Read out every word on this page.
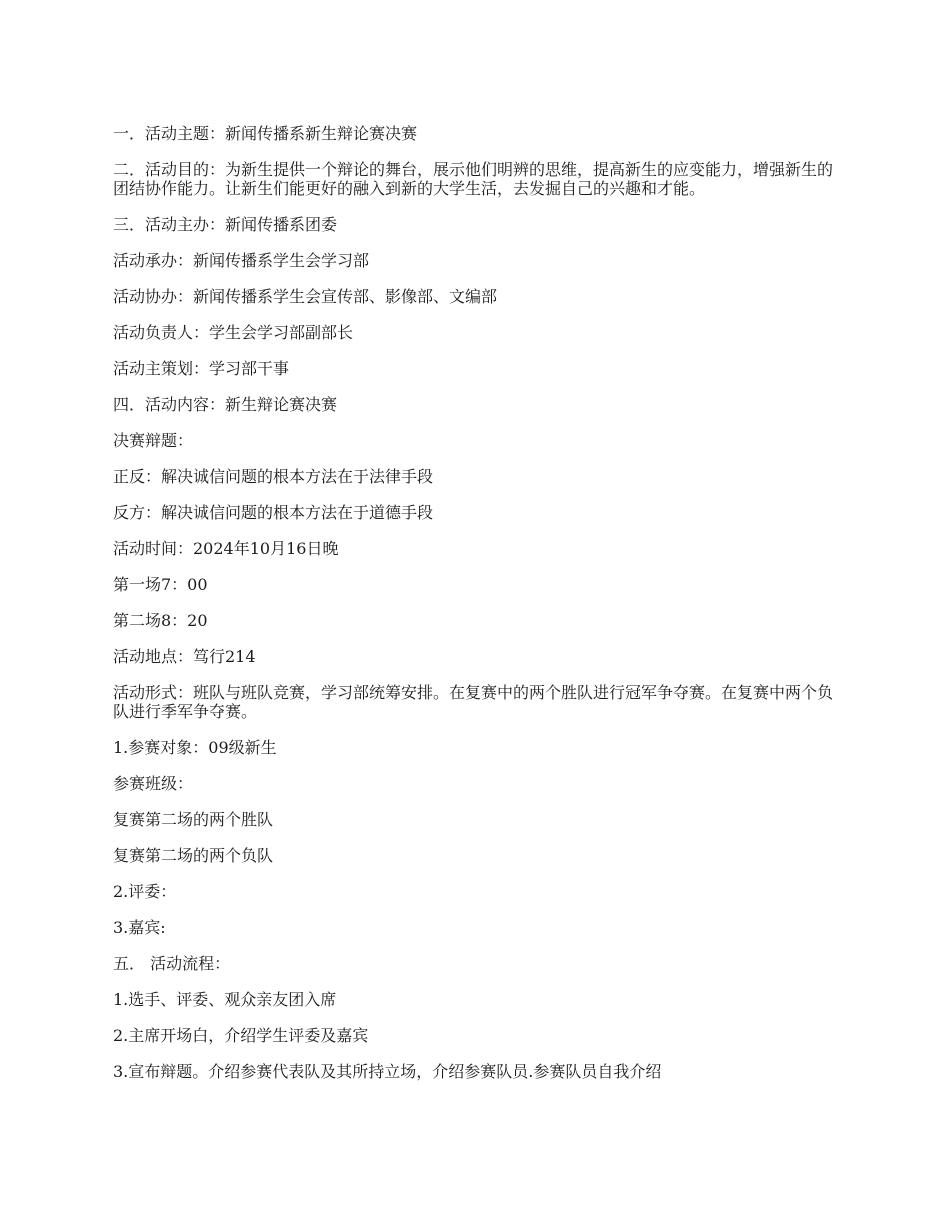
一．活动主题：新闻传播系新生辩论赛决赛

二．活动目的：为新生提供一个辩论的舞台，展示他们明辨的思维，提高新生的应变能力，增强新生的团结协作能力。让新生们能更好的融入到新的大学生活，去发掘自己的兴趣和才能。

三．活动主办：新闻传播系团委

活动承办：新闻传播系学生会学习部

活动协办：新闻传播系学生会宣传部、影像部、文编部

活动负责人：学生会学习部副部长

活动主策划：学习部干事

四．活动内容：新生辩论赛决赛

决赛辩题：

正反：解决诚信问题的根本方法在于法律手段

反方：解决诚信问题的根本方法在于道德手段

活动时间：2024年10月16日晚

第一场7：00

第二场8：20

活动地点：笃行214

活动形式：班队与班队竞赛，学习部统筹安排。在复赛中的两个胜队进行冠军争夺赛。在复赛中两个负队进行季军争夺赛。

1.参赛对象：09级新生

参赛班级：

复赛第二场的两个胜队

复赛第二场的两个负队

2.评委：

3.嘉宾:

五． 活动流程：

1.选手、评委、观众亲友团入席

2.主席开场白，介绍学生评委及嘉宾

3.宣布辩题。介绍参赛代表队及其所持立场，介绍参赛队员.参赛队员自我介绍
